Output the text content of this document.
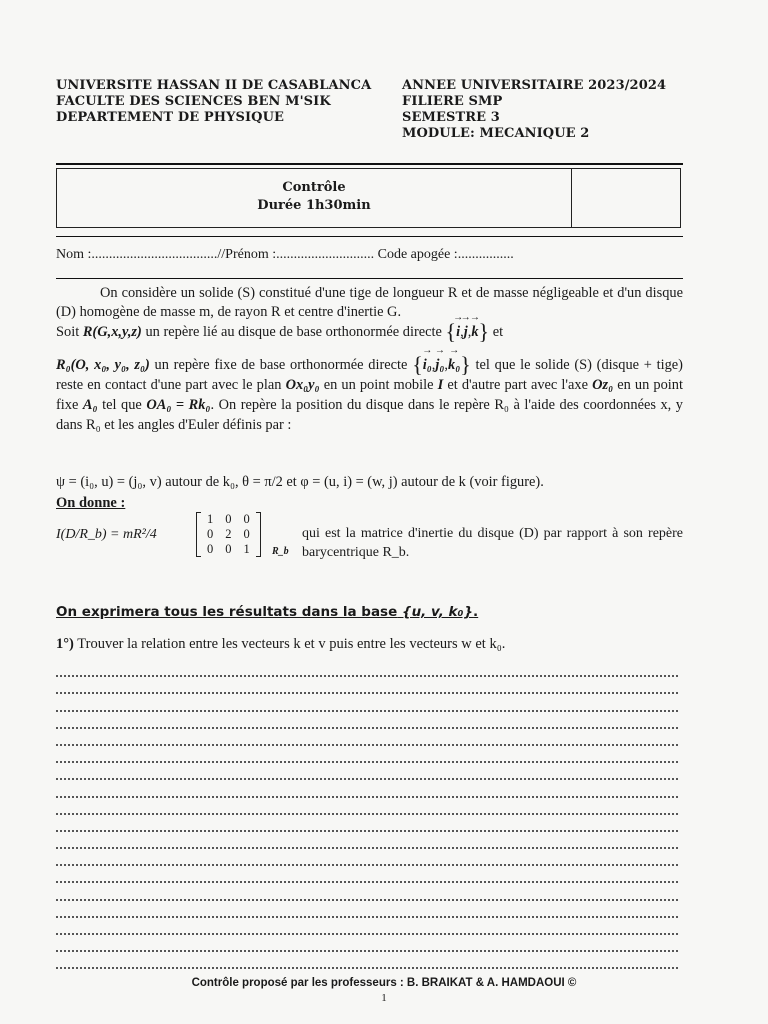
UNIVERSITE HASSAN II DE CASABLANCA
FACULTE DES SCIENCES BEN M'SIK
DEPARTEMENT DE PHYSIQUE
ANNEE UNIVERSITAIRE 2023/2024
FILIERE SMP
SEMESTRE 3
MODULE: MECANIQUE 2
Contrôle
Durée 1h30min
Nom :....................................//Prénom :............................ Code apogée :................
On considère un solide (S) constitué d'une tige de longueur R et de masse négligeable et d'un disque (D) homogène de masse m, de rayon R et centre d'inertie G.
Soit R(G,x,y,z) un repère lié au disque de base orthonormée directe {→ i,→ j,→ k} et
R₀(O, x₀, y₀, z₀) un repère fixe de base orthonormée directe {→ i₀,→ j₀,→ k₀} tel que le solide (S) (disque + tige) reste en contact d'une part avec le plan Ox₀y₀ en un point mobile I et d'autre part avec l'axe Oz₀ en un point fixe A₀ tel que OA₀ = Rk₀. On repère la position du disque dans le repère R₀ à l'aide des coordonnées x, y dans R₀ et les angles d'Euler définis par :
ψ = (i₀, u) = (j₀, v) autour de k₀, θ = π/2 et φ = (u, i) = (w, j) autour de k (voir figure).
On donne :
I(D/R_b) = mR²/4
1	0	0
0	2	0
0	0	1 R_b
qui est la matrice d'inertie du disque (D) par rapport à son repère barycentrique R_b.
On exprimera tous les résultats dans la base {u, v, k₀}.
1°) Trouver la relation entre les vecteurs k et v puis entre les vecteurs w et k₀.
Contrôle proposé par les professeurs : B. BRAIKAT & A. HAMDAOUI ©
1
